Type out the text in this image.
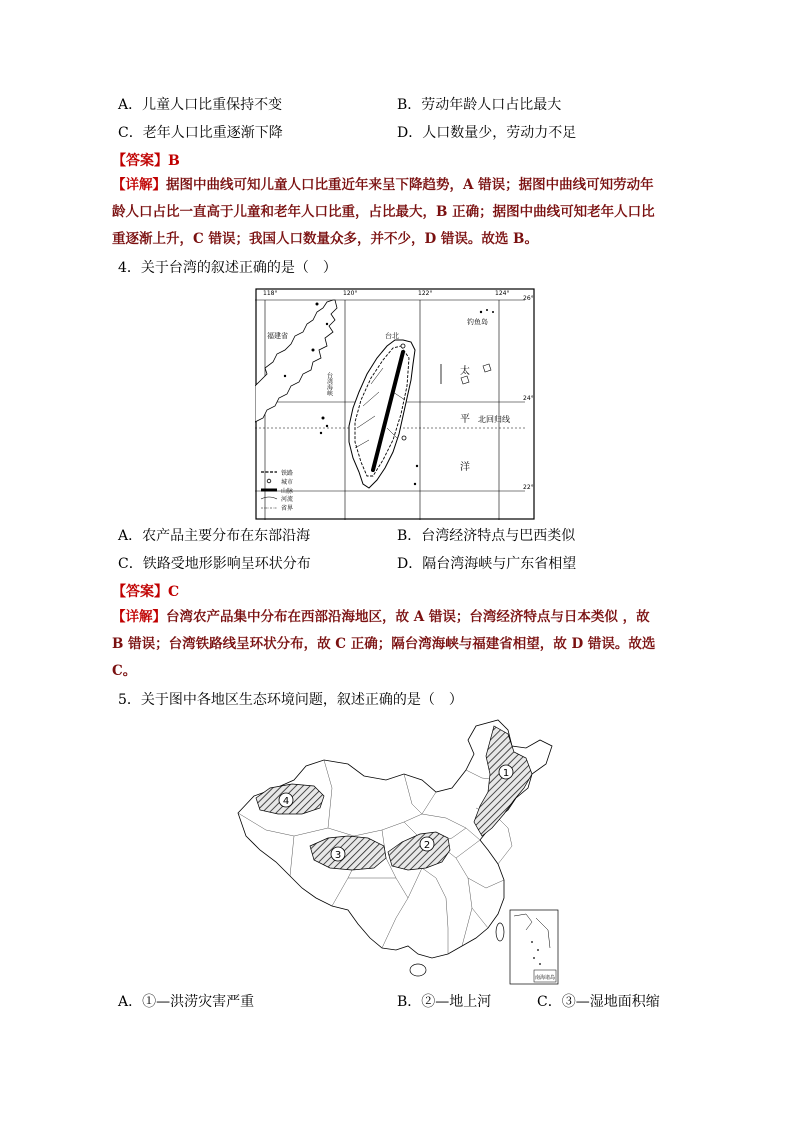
A．儿童人口比重保持不变	B．劳动年龄人口占比最大
C．老年人口比重逐渐下降	D．人口数量少，劳动力不足
【答案】B

【详解】据图中曲线可知儿童人口比重近年来呈下降趋势，A 错误；据图中曲线可知劳动年

龄人口占比一直高于儿童和老年人口比重，占比最大，B 正确；据图中曲线可知老年人口比

重逐渐上升，C 错误；我国人口数量众多，并不少，D 错误。故选 B。

4．关于台湾的叙述正确的是（　）
118°	120°	122°	124°
26°
24°
22°
福建省
台湾海峡
台北
钓鱼岛
太
平 北回归线
洋
铁路
城市
山脉
河流
省界
A．农产品主要分布在东部沿海	B．台湾经济特点与巴西类似
C．铁路受地形影响呈环状分布	D．隔台湾海峡与广东省相望
【答案】C

【详解】台湾农产品集中分布在西部沿海地区，故 A 错误；台湾经济特点与日本类似 ，故

B 错误；台湾铁路线呈环状分布，故 C 正确；隔台湾海峡与福建省相望，故 D 错误。故选

C。

5．关于图中各地区生态环境问题，叙述正确的是（　）
1
2
3
4
南海诸岛
A．①—洪涝灾害严重	B．②—地上河	C．③—湿地面积缩
